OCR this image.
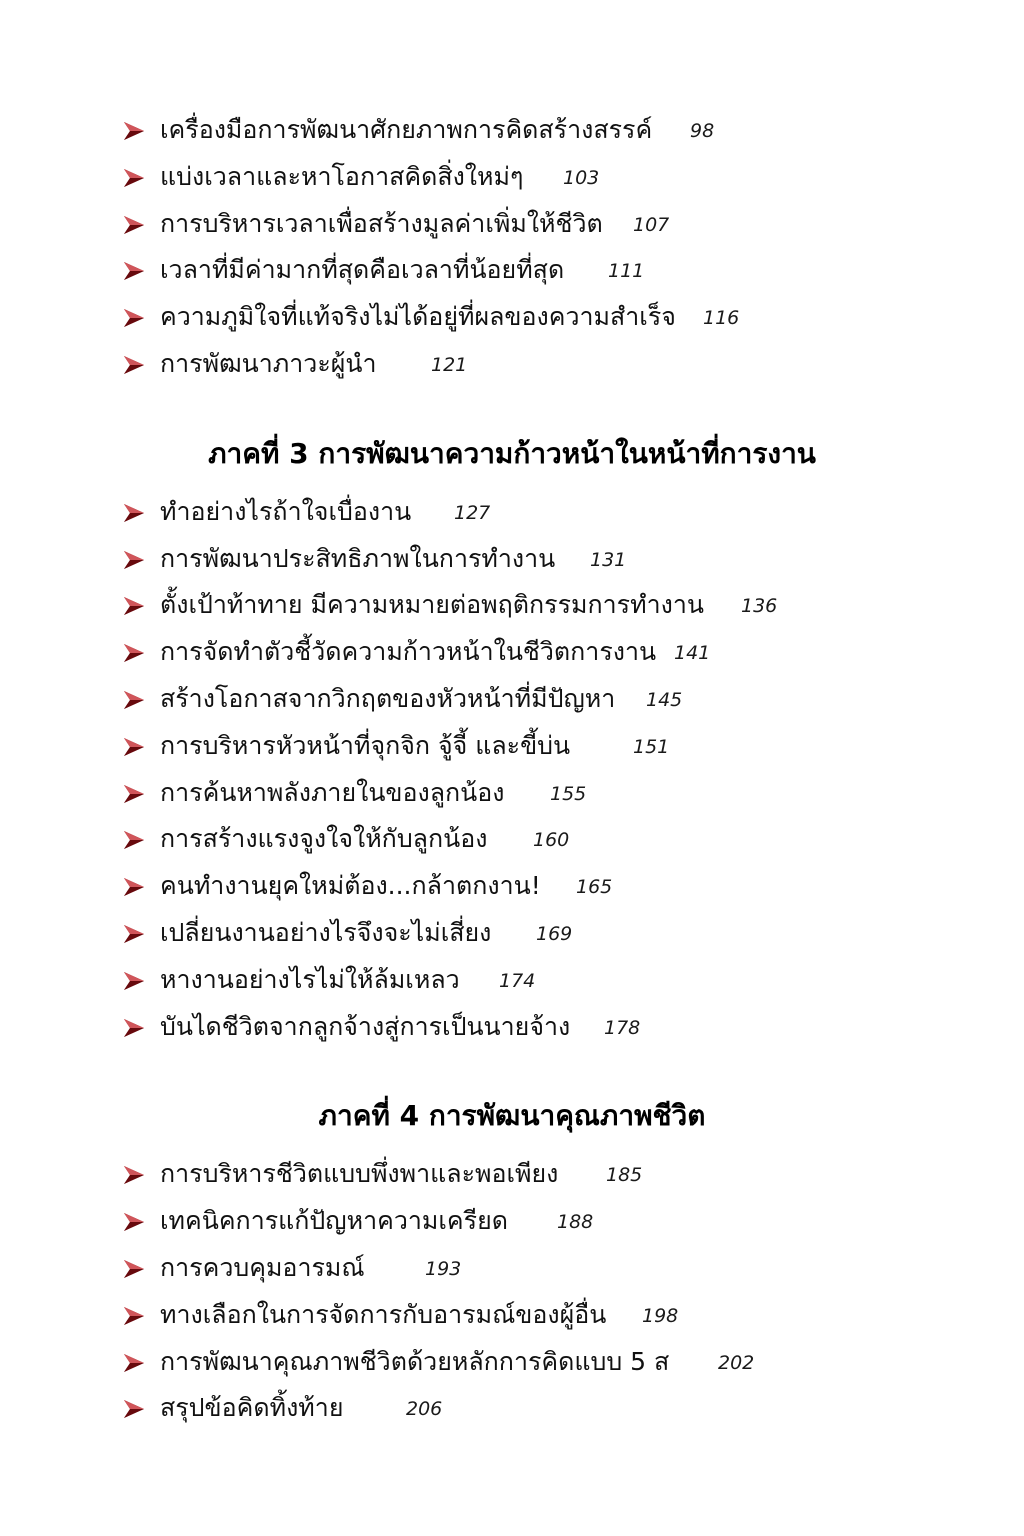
เครื่องมือการพัฒนาศักยภาพการคิดสร้างสรรค์ 98
แบ่งเวลาและหาโอกาสคิดสิ่งใหม่ๆ 103
การบริหารเวลาเพื่อสร้างมูลค่าเพิ่มให้ชีวิต 107
เวลาที่มีค่ามากที่สุดคือเวลาที่น้อยที่สุด 111
ความภูมิใจที่แท้จริงไม่ได้อยู่ที่ผลของความสำเร็จ 116
การพัฒนาภาวะผู้นำ	121
ภาคที่ 3 การพัฒนาความก้าวหน้าในหน้าที่การงาน
ทำอย่างไรถ้าใจเบื่องาน 127
การพัฒนาประสิทธิภาพในการทำงาน 131
ตั้งเป้าท้าทาย มีความหมายต่อพฤติกรรมการทำงาน 136
การจัดทำตัวชี้วัดความก้าวหน้าในชีวิตการงาน 141
สร้างโอกาสจากวิกฤตของหัวหน้าที่มีปัญหา 145
การบริหารหัวหน้าที่จุกจิก จู้จี้ และขี้บ่น	151
การค้นหาพลังภายในของลูกน้อง 155
การสร้างแรงจูงใจให้กับลูกน้อง 160
คนทำงานยุคใหม่ต้อง...กล้าตกงาน! 165
เปลี่ยนงานอย่างไรจึงจะไม่เสี่ยง 169
หางานอย่างไรไม่ให้ล้มเหลว 174
บันไดชีวิตจากลูกจ้างสู่การเป็นนายจ้าง 178
ภาคที่ 4 การพัฒนาคุณภาพชีวิต
การบริหารชีวิตแบบพึ่งพาและพอเพียง	185
เทคนิคการแก้ปัญหาความเครียด	188
การควบคุมอารมณ์	193
ทางเลือกในการจัดการกับอารมณ์ของผู้อื่น 198
การพัฒนาคุณภาพชีวิตด้วยหลักการคิดแบบ 5 ส	202
สรุปข้อคิดทิ้งท้าย	206
